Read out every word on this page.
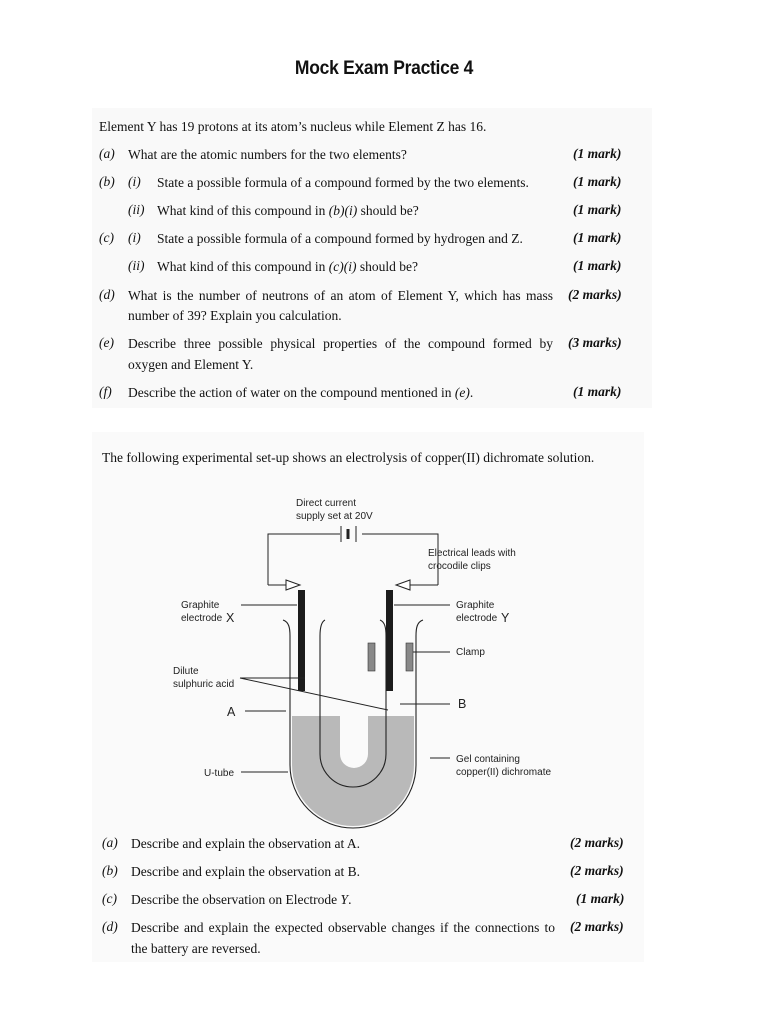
Mock Exam Practice 4
Element Y has 19 protons at its atom’s nucleus while Element Z has 16.
(a) What are the atomic numbers for the two elements?	(1 mark)
(b) (i) State a possible formula of a compound formed by the two elements.	(1 mark)
(ii) What kind of this compound in (b)(i) should be?	(1 mark)
(c) (i) State a possible formula of a compound formed by hydrogen and Z.	(1 mark)
(ii) What kind of this compound in (c)(i) should be?	(1 mark)
(d) What is the number of neutrons of an atom of Element Y, which has mass
number of 39? Explain you calculation.
(2 marks)
(e) Describe three possible physical properties of the compound formed by
oxygen and Element Y.
(3 marks)
(f) Describe the action of water on the compound mentioned in (e).	(1 mark)
The following experimental set-up shows an electrolysis of copper(II) dichromate solution.
Direct current
supply set at 20V
Electrical leads with
crocodile clips
Graphite
electrode X
Graphite
electrode Y
Clamp
Dilute
sulphuric acid
A
B
Gel containing
copper(II) dichromate
U-tube
(a) Describe and explain the observation at A.	(2 marks)
(b) Describe and explain the observation at B.	(2 marks)
(c) Describe the observation on Electrode Y.	(1 mark)
(d) Describe and explain the expected observable changes if the connections to
the battery are reversed.
(2 marks)
